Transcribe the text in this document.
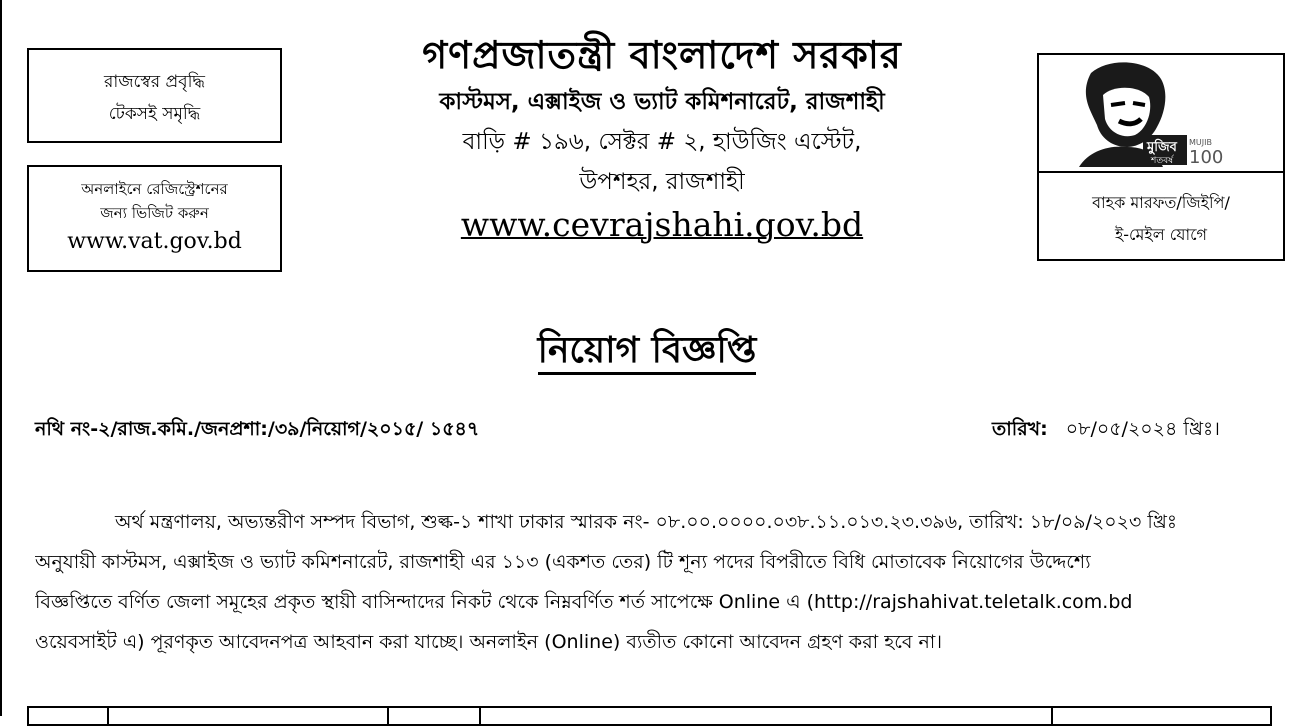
রাজস্বের প্রবৃদ্ধি
টেকসই সমৃদ্ধি
অনলাইনে রেজিস্ট্রেশনের
জন্য ভিজিট করুন
www.vat.gov.bd
গণপ্রজাতন্ত্রী বাংলাদেশ সরকার
কাস্টমস, এক্সাইজ ও ভ্যাট কমিশনারেট, রাজশাহী
বাড়ি # ১৯৬, সেক্টর # ২, হাউজিং এস্টেট,
উপশহর, রাজশাহী
www.cevrajshahi.gov.bd
মুজিব
শতবর্ষ
MUJIB
100
বাহক মারফত/জিইপি/
ই-মেইল যোগে
নিয়োগ বিজ্ঞপ্তি
নথি নং-২/রাজ.কমি./জনপ্রশা:/৩৯/নিয়োগ/২০১৫/ ১৫৪৭	তারিখ: ০৮/০৫/২০২৪ খ্রিঃ।
অর্থ মন্ত্রণালয়, অভ্যন্তরীণ সম্পদ বিভাগ, শুল্ক-১ শাখা ঢাকার স্মারক নং- ০৮.০০.০০০০.০৩৮.১১.০১৩.২৩.৩৯৬, তারিখ: ১৮/০৯/২০২৩ খ্রিঃ
অনুযায়ী কাস্টমস, এক্সাইজ ও ভ্যাট কমিশনারেট, রাজশাহী এর ১১৩ (একশত তের) টি শূন্য পদের বিপরীতে বিধি মোতাবেক নিয়োগের উদ্দেশ্যে
বিজ্ঞপ্তিতে বর্ণিত জেলা সমূহের প্রকৃত স্থায়ী বাসিন্দাদের নিকট থেকে নিম্নবর্ণিত শর্ত সাপেক্ষে Online এ (http://rajshahivat.teletalk.com.bd
ওয়েবসাইট এ) পূরণকৃত আবেদনপত্র আহবান করা যাচ্ছে। অনলাইন (Online) ব্যতীত কোনো আবেদন গ্রহণ করা হবে না।
